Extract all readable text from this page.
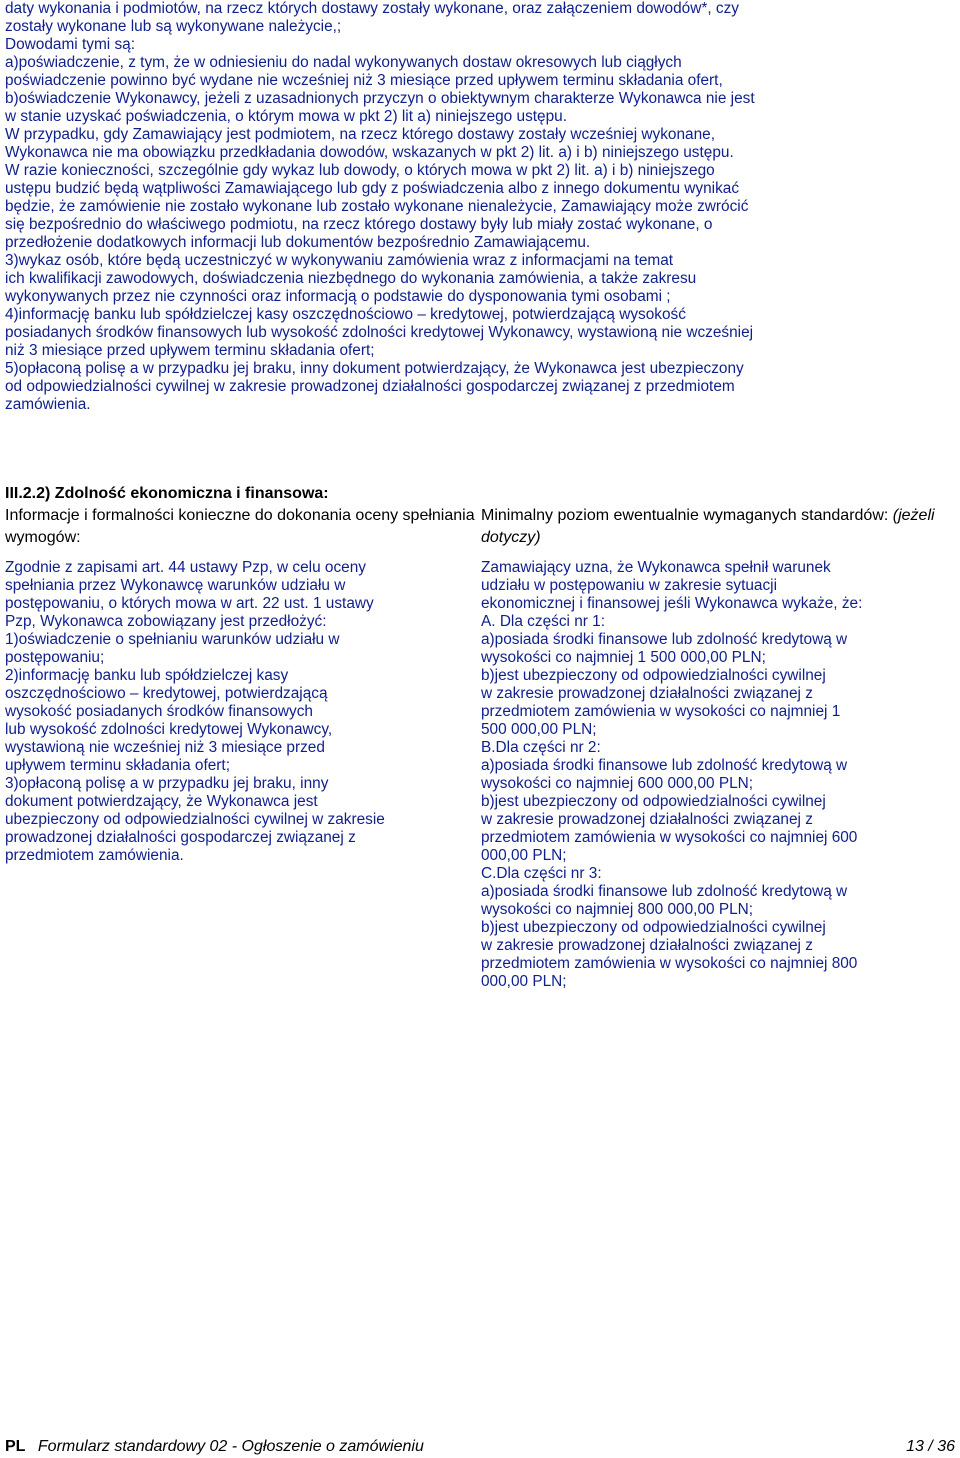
daty wykonania i podmiotów, na rzecz których dostawy zostały wykonane, oraz załączeniem dowodów*, czy

zostały wykonane lub są wykonywane należycie,;

Dowodami tymi są:

a)poświadczenie, z tym, że w odniesieniu do nadal wykonywanych dostaw okresowych lub ciągłych

poświadczenie powinno być wydane nie wcześniej niż 3 miesiące przed upływem terminu składania ofert,

b)oświadczenie Wykonawcy, jeżeli z uzasadnionych przyczyn o obiektywnym charakterze Wykonawca nie jest

w stanie uzyskać poświadczenia, o którym mowa w pkt 2) lit a) niniejszego ustępu.

W przypadku, gdy Zamawiający jest podmiotem, na rzecz którego dostawy zostały wcześniej wykonane,

Wykonawca nie ma obowiązku przedkładania dowodów, wskazanych w pkt 2) lit. a) i b) niniejszego ustępu.

W razie konieczności, szczególnie gdy wykaz lub dowody, o których mowa w pkt 2) lit. a) i b) niniejszego

ustępu budzić będą wątpliwości Zamawiającego lub gdy z poświadczenia albo z innego dokumentu wynikać

będzie, że zamówienie nie zostało wykonane lub zostało wykonane nienależycie, Zamawiający może zwrócić

się bezpośrednio do właściwego podmiotu, na rzecz którego dostawy były lub miały zostać wykonane, o

przedłożenie dodatkowych informacji lub dokumentów bezpośrednio Zamawiającemu.

3)wykaz osób, które będą uczestniczyć w wykonywaniu zamówienia wraz z informacjami na temat

ich kwalifikacji zawodowych, doświadczenia niezbędnego do wykonania zamówienia, a także zakresu

wykonywanych przez nie czynności oraz informacją o podstawie do dysponowania tymi osobami ;

4)informację banku lub spółdzielczej kasy oszczędnościowo – kredytowej, potwierdzającą wysokość

posiadanych środków finansowych lub wysokość zdolności kredytowej Wykonawcy, wystawioną nie wcześniej

niż 3 miesiące przed upływem terminu składania ofert;

5)opłaconą polisę a w przypadku jej braku, inny dokument potwierdzający, że Wykonawca jest ubezpieczony

od odpowiedzialności cywilnej w zakresie prowadzonej działalności gospodarczej związanej z przedmiotem

zamówienia.

III.2.2) Zdolność ekonomiczna i finansowa:
Informacje i formalności konieczne do dokonania oceny spełniania wymogów:
Minimalny poziom ewentualnie wymaganych standardów: (jeżeli dotyczy)

Zgodnie z zapisami art. 44 ustawy Pzp, w celu oceny

spełniania przez Wykonawcę warunków udziału w

postępowaniu, o których mowa w art. 22 ust. 1 ustawy

Pzp, Wykonawca zobowiązany jest przedłożyć:

1)oświadczenie o spełnianiu warunków udziału w

postępowaniu;

2)informację banku lub spółdzielczej kasy

oszczędnościowo – kredytowej, potwierdzającą

wysokość posiadanych środków finansowych

lub wysokość zdolności kredytowej Wykonawcy,

wystawioną nie wcześniej niż 3 miesiące przed

upływem terminu składania ofert;

3)opłaconą polisę a w przypadku jej braku, inny

dokument potwierdzający, że Wykonawca jest

ubezpieczony od odpowiedzialności cywilnej w zakresie

prowadzonej działalności gospodarczej związanej z

przedmiotem zamówienia.

Zamawiający uzna, że Wykonawca spełnił warunek

udziału w postępowaniu w zakresie sytuacji

ekonomicznej i finansowej jeśli Wykonawca wykaże, że:

A. Dla części nr 1:

a)posiada środki finansowe lub zdolność kredytową w

wysokości co najmniej 1 500 000,00 PLN;

b)jest ubezpieczony od odpowiedzialności cywilnej

w zakresie prowadzonej działalności związanej z

przedmiotem zamówienia w wysokości co najmniej 1

500 000,00 PLN;

B.Dla części nr 2:

a)posiada środki finansowe lub zdolność kredytową w

wysokości co najmniej 600 000,00 PLN;

b)jest ubezpieczony od odpowiedzialności cywilnej

w zakresie prowadzonej działalności związanej z

przedmiotem zamówienia w wysokości co najmniej 600

000,00 PLN;

C.Dla części nr 3:

a)posiada środki finansowe lub zdolność kredytową w

wysokości co najmniej 800 000,00 PLN;

b)jest ubezpieczony od odpowiedzialności cywilnej

w zakresie prowadzonej działalności związanej z

przedmiotem zamówienia w wysokości co najmniej 800

000,00 PLN;

PL Formularz standardowy 02 - Ogłoszenie o zamówieniu	13 / 36
